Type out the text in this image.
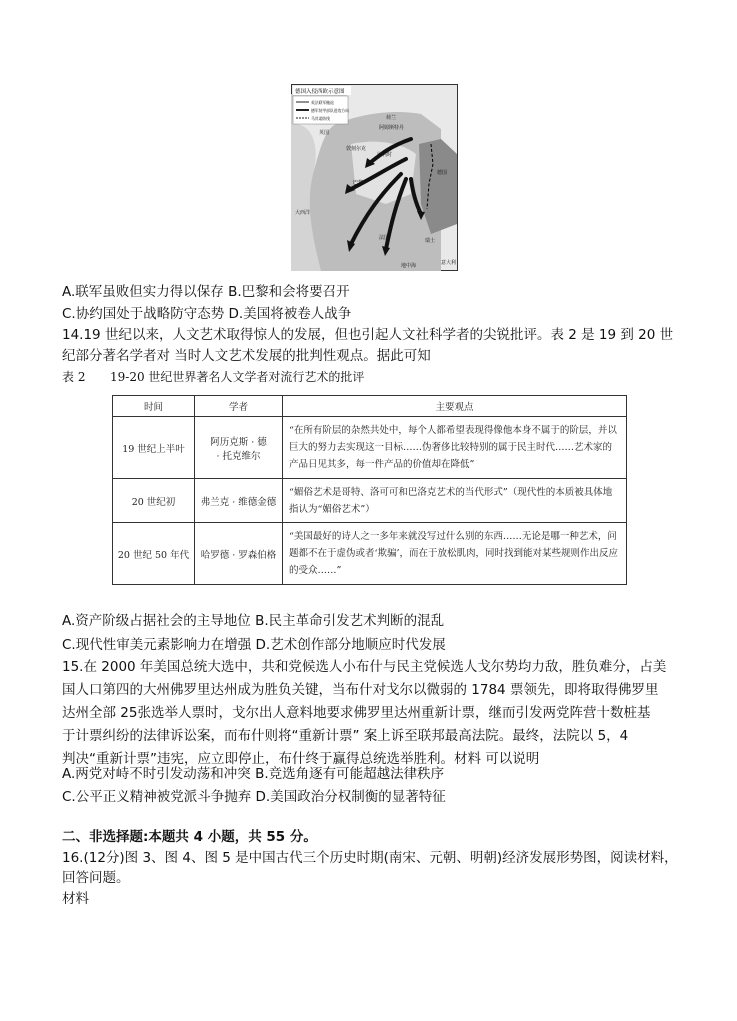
德国入侵西欧示意图
英法联军撤退
德军装甲部队进攻方向
马其诺防线
英国
荷兰
阿姆斯特丹
比利时
敦刻尔克
巴黎
法国
德国
瑞士
意大利
大西洋
地中海
A.联军虽败但实力得以保存 B.巴黎和会将要召开
C.协约国处于战略防守态势 D.美国将被卷人战争
14.19 世纪以来，人文艺术取得惊人的发展，但也引起人文社科学者的尖锐批评。表 2 是 19 到 20 世
纪部分著名学者对 当时人文艺术发展的批判性观点。据此可知
表 2 19-20 世纪世界著名人文学者对流行艺术的批评
时间	学者	主要观点
19 世纪上半叶	阿历克斯 · 德 · 托克维尔	“在所有阶层的杂然共处中，每个人都希望表现得像他本身不属于的阶层，并以巨大的努力去实现这一目标……伪奢侈比较特别的属于民主时代……艺术家的产品日见其多，每一件产品的价值却在降低”
20 世纪初	弗兰克 · 维德金德	“媚俗艺术是哥特、洛可可和巴洛克艺术的当代形式”（现代性的本质被具体地指认为“媚俗艺术”）
20 世纪 50 年代	哈罗德 · 罗森伯格	“美国最好的诗人之一多年来就没写过什么别的东西……无论是哪一种艺术，问题都不在于虚伪或者‘欺骗’，而在于放松肌肉，同时找到能对某些规则作出反应的受众……”
A.资产阶级占据社会的主导地位 B.民主革命引发艺术判断的混乱
C.现代性审美元素影响力在增强 D.艺术创作部分地顺应时代发展
15.在 2000 年美国总统大选中，共和党候选人小布什与民主党候选人戈尔势均力敌，胜负难分，占美
国人口第四的大州佛罗里达州成为胜负关键，当布什对戈尔以微弱的 1784 票领先，即将取得佛罗里
达州全部 25张选举人票时，戈尔出人意料地要求佛罗里达州重新计票，继而引发两党阵营十数桩基
于计票纠纷的法律诉讼案，而布什则将“重新计票” 案上诉至联邦最高法院。最终，法院以 5，4
判决“重新计票”违宪，应立即停止，布什终于赢得总统选举胜利。材料 可以说明
A.两党对峙不时引发动荡和冲突 B.竞选角逐有可能超越法律秩序
C.公平正义精神被党派斗争抛弃 D.美国政治分权制衡的显著特征
二、非选择题:本题共 4 小题，共 55 分。
16.(12分)图 3、图 4、图 5 是中国古代三个历史时期(南宋、元朝、明朝)经济发展形势图，阅读材料，
回答问题。
材料
